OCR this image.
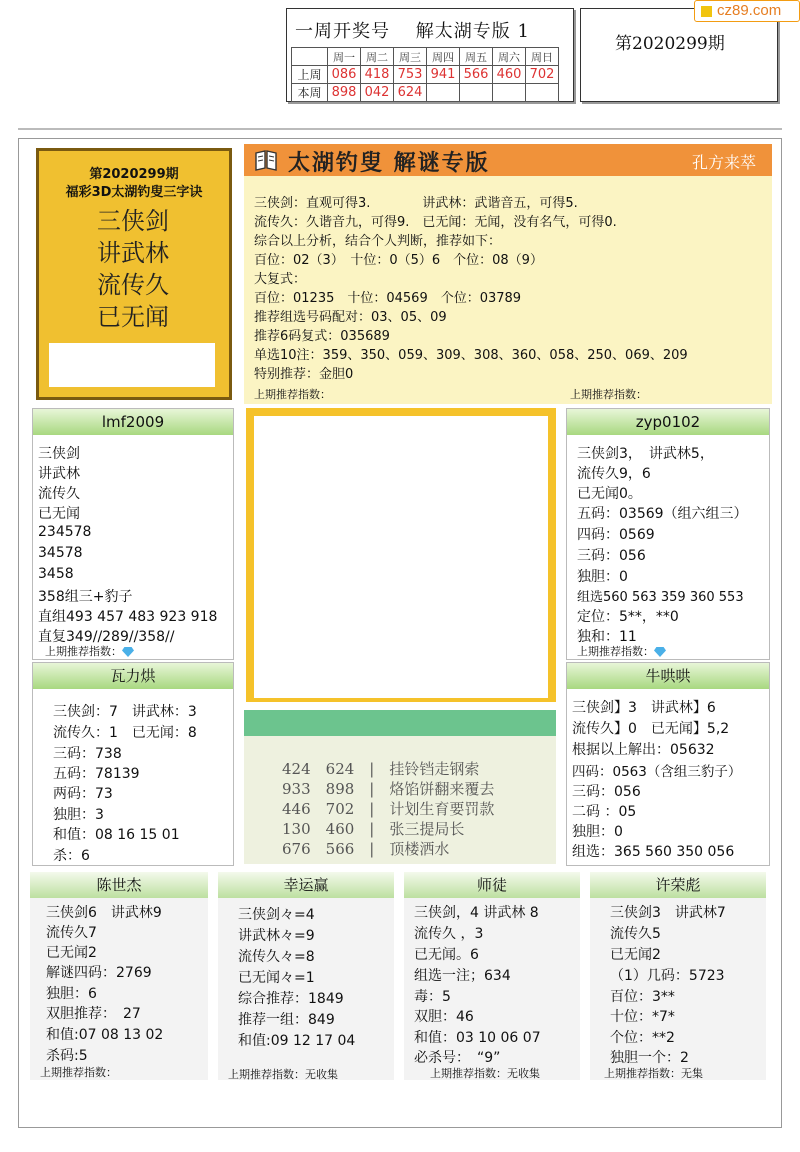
一周开奖号　 解太湖专版 1
	周一	周二	周三	周四	周五	周六	周日
上周	086	418	753	941	566	460	702
本周	898	042	624				
第2020299期
cz89.com
第2020299期
福彩3D太湖钓叟三字诀
三侠剑
讲武林
流传久
已无闻
太湖钓叟 解谜专版	孔方来萃
三侠剑：直观可得3.　　　　讲武林：武谐音五，可得5.
流传久：久谐音九，可得9.　已无闻：无闻，没有名气，可得0.
综合以上分析，结合个人判断，推荐如下：
百位：02（3）　十位：0（5）6　个位：08（9）
大复式：
百位：01235　十位：04569　个位：03789
推荐组选号码配对：03、05、09
推荐6码复式：035689
单选10注：359、350、059、309、308、360、058、250、069、209
特别推荐：金胆0
上期推荐指数：	上期推荐指数：
lmf2009
三侠剑
讲武林
流传久
已无闻
234578
34578
3458
358组三+豹子
直组493 457 483 923 918
直复349//289//358//
上期推荐指数：
zyp0102
三侠剑3，　讲武林5，
流传久9，6
已无闻0。
五码：03569（组六组三）
四码：0569
三码：056
独胆：0
组选560 563 359 360 553
定位：5**，**0
独和：11
上期推荐指数：
瓦力烘
三侠剑：7　讲武林：3
流传久：1　已无闻：8
三码：738
五码：78139
两码：73
独胆：3
和值：08 16 15 01
杀：6
牛哄哄
三侠剑】3　讲武林】6
流传久】0　已无闻】5,2
根据以上解出：05632
四码：0563（含组三豹子）
三码：056
二码 ：05
独胆：0
组选：365 560 350 056
424　 624　|　挂铃铛走钢索
933　 898　|　烙馅饼翻来覆去
446　 702　|　计划生育要罚款
130　 460　|　张三提局长
676　 566　|　顶楼洒水
陈世杰
三侠剑6　讲武林9
流传久7
已无闻2
解谜四码：2769
独胆：6
双胆推荐：　27
和值:07 08 13 02
杀码:5
上期推荐指数：
幸运赢
三侠剑々=4
讲武林々=9
流传久々=8
已无闻々=1
综合推荐：1849
推荐一组：849
和值:09 12 17 04
上期推荐指数：无收集
师徒
三侠剑，4 讲武林 8
流传久 ，3
已无闻。6
组选一注；634
毒：5
双胆：46
和值：03 10 06 07
必杀号：　“9”
上期推荐指数：无收集
许荣彪
三侠剑3　讲武林7
流传久5
已无闻2
（1）几码：5723
百位：3**
十位：*7*
个位：**2
独胆一个：2
上期推荐指数：无集
